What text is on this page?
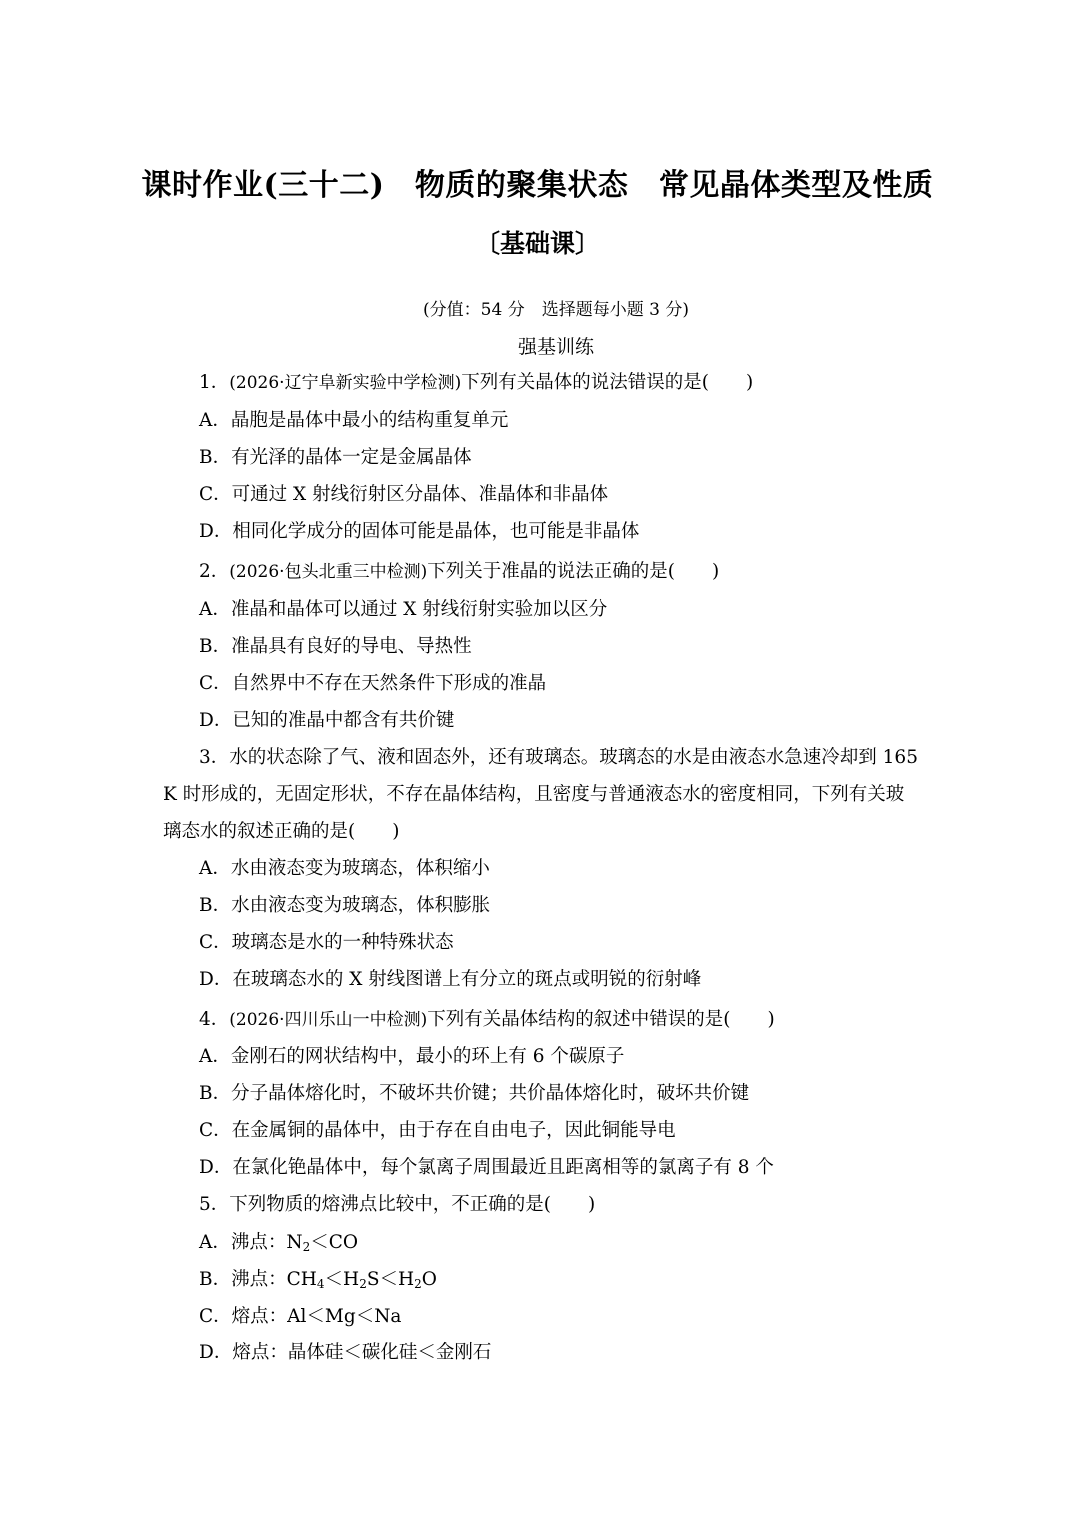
课时作业(三十二)　物质的聚集状态　常见晶体类型及性质
〔基础课〕
(分值：54 分　选择题每小题 3 分)
强基训练
1．(2026·辽宁阜新实验中学检测)下列有关晶体的说法错误的是(　　)
A．晶胞是晶体中最小的结构重复单元
B．有光泽的晶体一定是金属晶体
C．可通过 X 射线衍射区分晶体、准晶体和非晶体
D．相同化学成分的固体可能是晶体，也可能是非晶体
2．(2026·包头北重三中检测)下列关于准晶的说法正确的是(　　)
A．准晶和晶体可以通过 X 射线衍射实验加以区分
B．准晶具有良好的导电、导热性
C．自然界中不存在天然条件下形成的准晶
D．已知的准晶中都含有共价键
3．水的状态除了气、液和固态外，还有玻璃态。玻璃态的水是由液态水急速冷却到 165
K 时形成的，无固定形状，不存在晶体结构，且密度与普通液态水的密度相同，下列有关玻
璃态水的叙述正确的是(　　)
A．水由液态变为玻璃态，体积缩小
B．水由液态变为玻璃态，体积膨胀
C．玻璃态是水的一种特殊状态
D．在玻璃态水的 X 射线图谱上有分立的斑点或明锐的衍射峰
4．(2026·四川乐山一中检测)下列有关晶体结构的叙述中错误的是(　　)
A．金刚石的网状结构中，最小的环上有 6 个碳原子
B．分子晶体熔化时，不破坏共价键；共价晶体熔化时，破坏共价键
C．在金属铜的晶体中，由于存在自由电子，因此铜能导电
D．在氯化铯晶体中，每个氯离子周围最近且距离相等的氯离子有 8 个
5．下列物质的熔沸点比较中，不正确的是(　　)
A．沸点：$N_2<CO$
B．沸点：$CH_4<H_2S<H_2O$
C．熔点：Al＜Mg＜Na
D．熔点：晶体硅＜碳化硅＜金刚石
